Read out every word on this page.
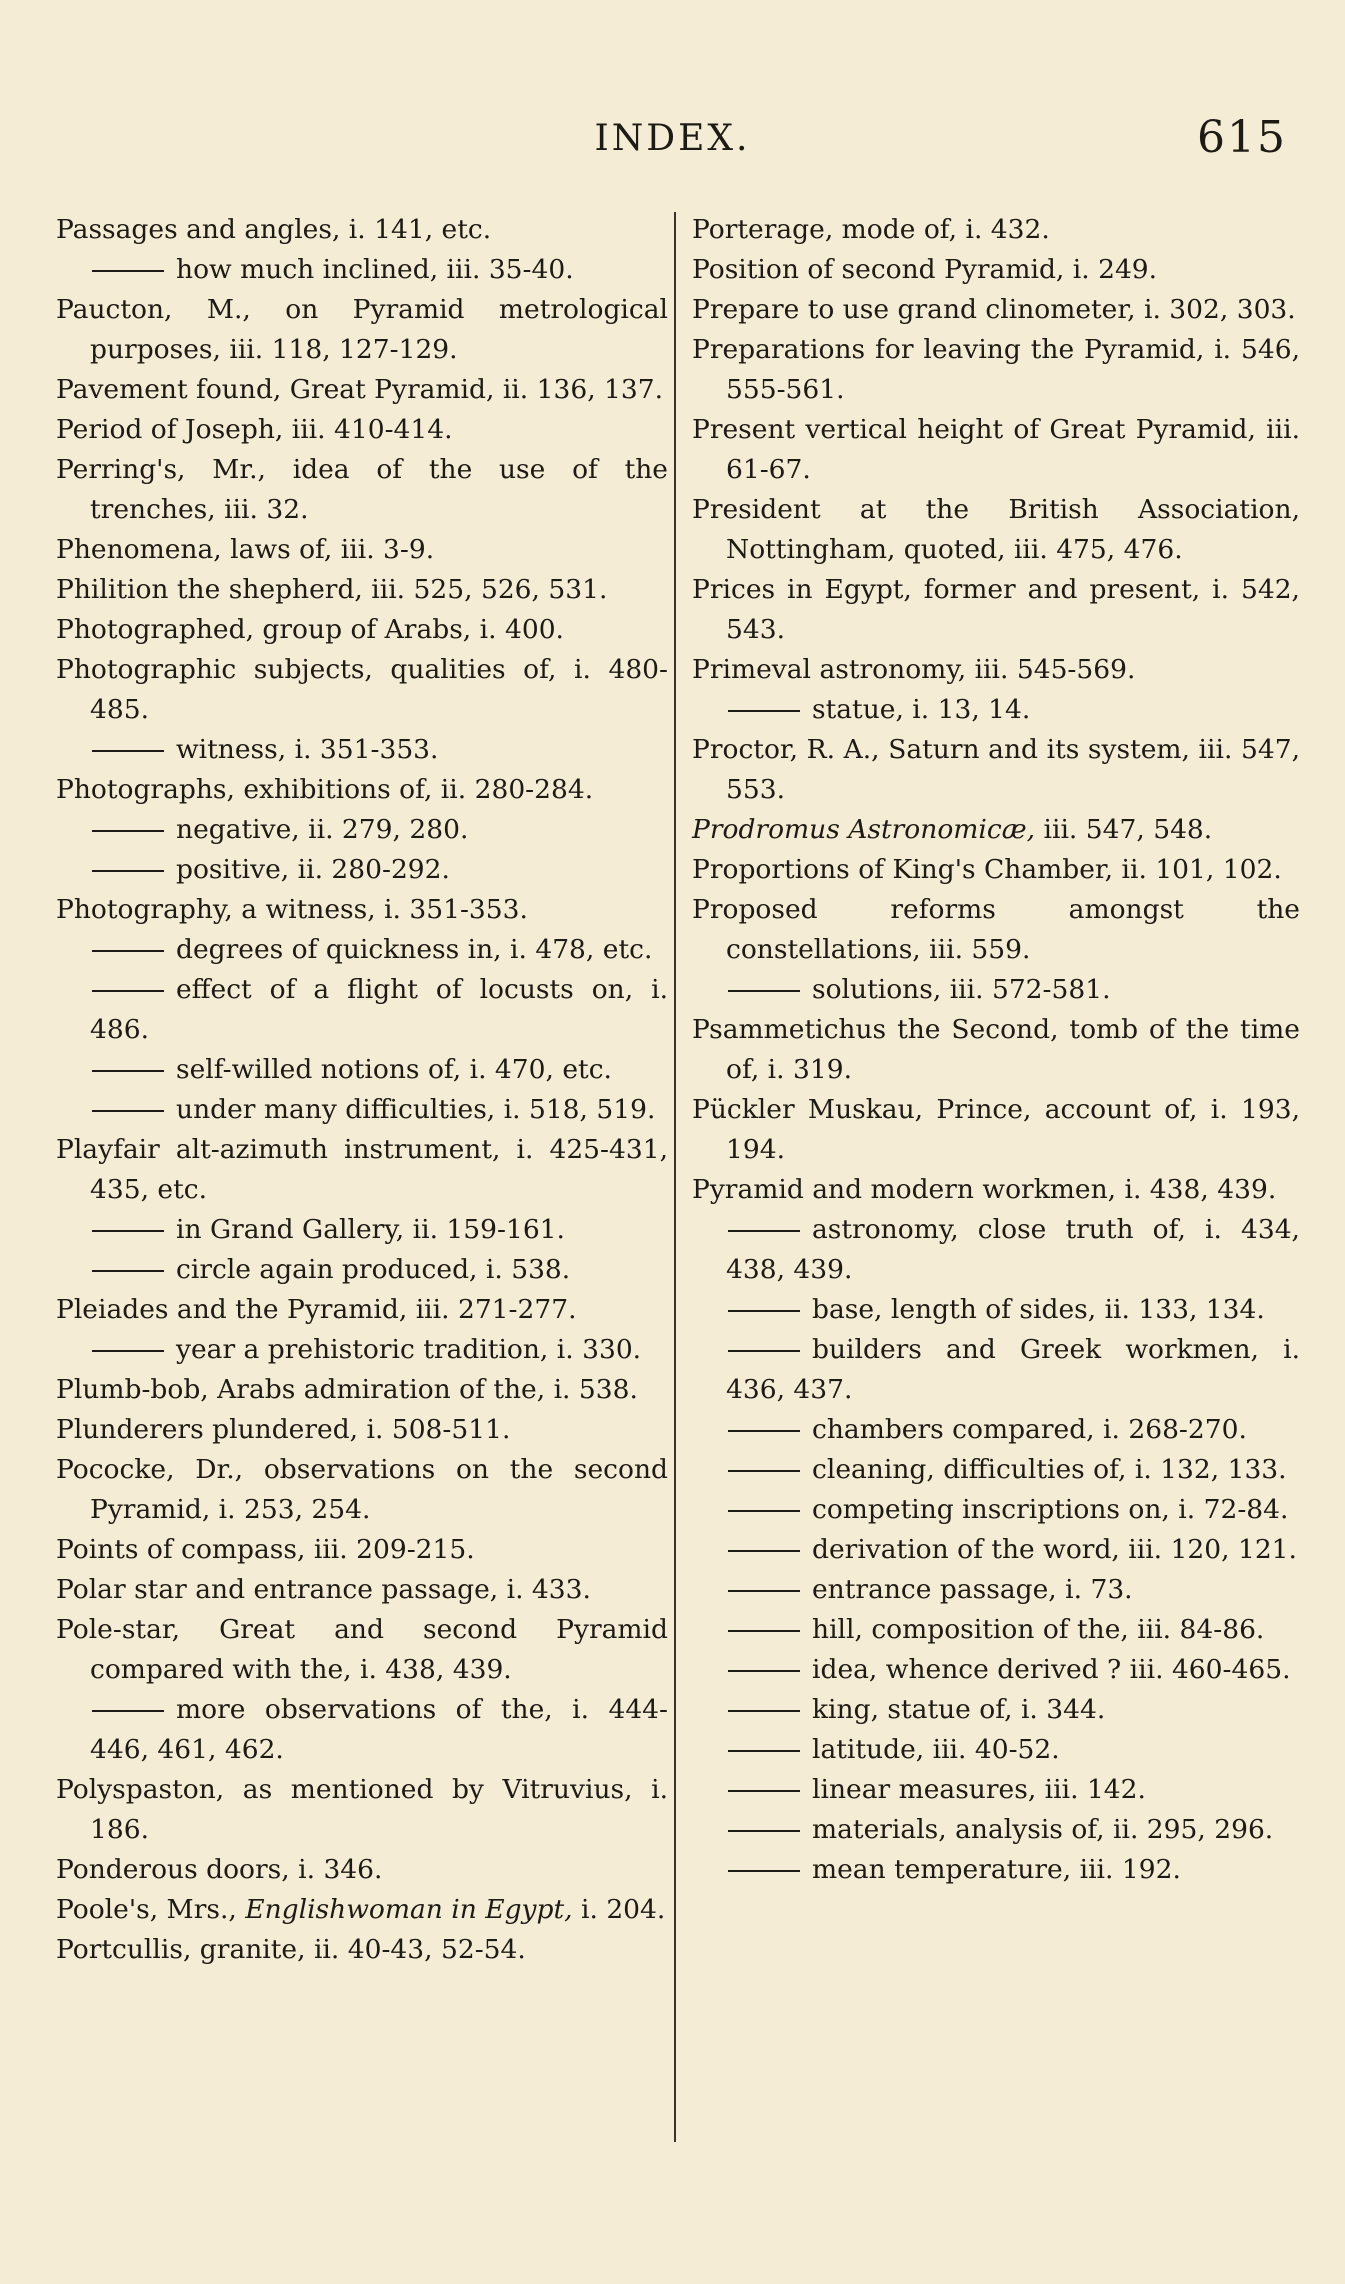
INDEX.	615
Passages and angles, i. 141, etc.
how much inclined, iii. 35-40.
Paucton, M., on Pyramid metrological purposes, iii. 118, 127-129.
Pavement found, Great Pyramid, ii. 136, 137.
Period of Joseph, iii. 410-414.
Perring's, Mr., idea of the use of the trenches, iii. 32.
Phenomena, laws of, iii. 3-9.
Philition the shepherd, iii. 525, 526, 531.
Photographed, group of Arabs, i. 400.
Photographic subjects, qualities of, i. 480-485.
witness, i. 351-353.
Photographs, exhibitions of, ii. 280-284.
negative, ii. 279, 280.
positive, ii. 280-292.
Photography, a witness, i. 351-353.
degrees of quickness in, i. 478, etc.
effect of a flight of locusts on, i. 486.
self-willed notions of, i. 470, etc.
under many difficulties, i. 518, 519.
Playfair alt-azimuth instrument, i. 425-431, 435, etc.
in Grand Gallery, ii. 159-161.
circle again produced, i. 538.
Pleiades and the Pyramid, iii. 271-277.
year a prehistoric tradition, i. 330.
Plumb-bob, Arabs admiration of the, i. 538.
Plunderers plundered, i. 508-511.
Pococke, Dr., observations on the second Pyramid, i. 253, 254.
Points of compass, iii. 209-215.
Polar star and entrance passage, i. 433.
Pole-star, Great and second Pyramid compared with the, i. 438, 439.
more observations of the, i. 444-446, 461, 462.
Polyspaston, as mentioned by Vitruvius, i. 186.
Ponderous doors, i. 346.
Poole's, Mrs., Englishwoman in Egypt, i. 204.
Portcullis, granite, ii. 40-43, 52-54.
Porterage, mode of, i. 432.
Position of second Pyramid, i. 249.
Prepare to use grand clinometer, i. 302, 303.
Preparations for leaving the Pyramid, i. 546, 555-561.
Present vertical height of Great Pyramid, iii. 61-67.
President at the British Association, Nottingham, quoted, iii. 475, 476.
Prices in Egypt, former and present, i. 542, 543.
Primeval astronomy, iii. 545-569.
statue, i. 13, 14.
Proctor, R. A., Saturn and its system, iii. 547, 553.
Prodromus Astronomicæ, iii. 547, 548.
Proportions of King's Chamber, ii. 101, 102.
Proposed reforms amongst the constellations, iii. 559.
solutions, iii. 572-581.
Psammetichus the Second, tomb of the time of, i. 319.
Pückler Muskau, Prince, account of, i. 193, 194.
Pyramid and modern workmen, i. 438, 439.
astronomy, close truth of, i. 434, 438, 439.
base, length of sides, ii. 133, 134.
builders and Greek workmen, i. 436, 437.
chambers compared, i. 268-270.
cleaning, difficulties of, i. 132, 133.
competing inscriptions on, i. 72-84.
derivation of the word, iii. 120, 121.
entrance passage, i. 73.
hill, composition of the, iii. 84-86.
idea, whence derived ? iii. 460-465.
king, statue of, i. 344.
latitude, iii. 40-52.
linear measures, iii. 142.
materials, analysis of, ii. 295, 296.
mean temperature, iii. 192.
